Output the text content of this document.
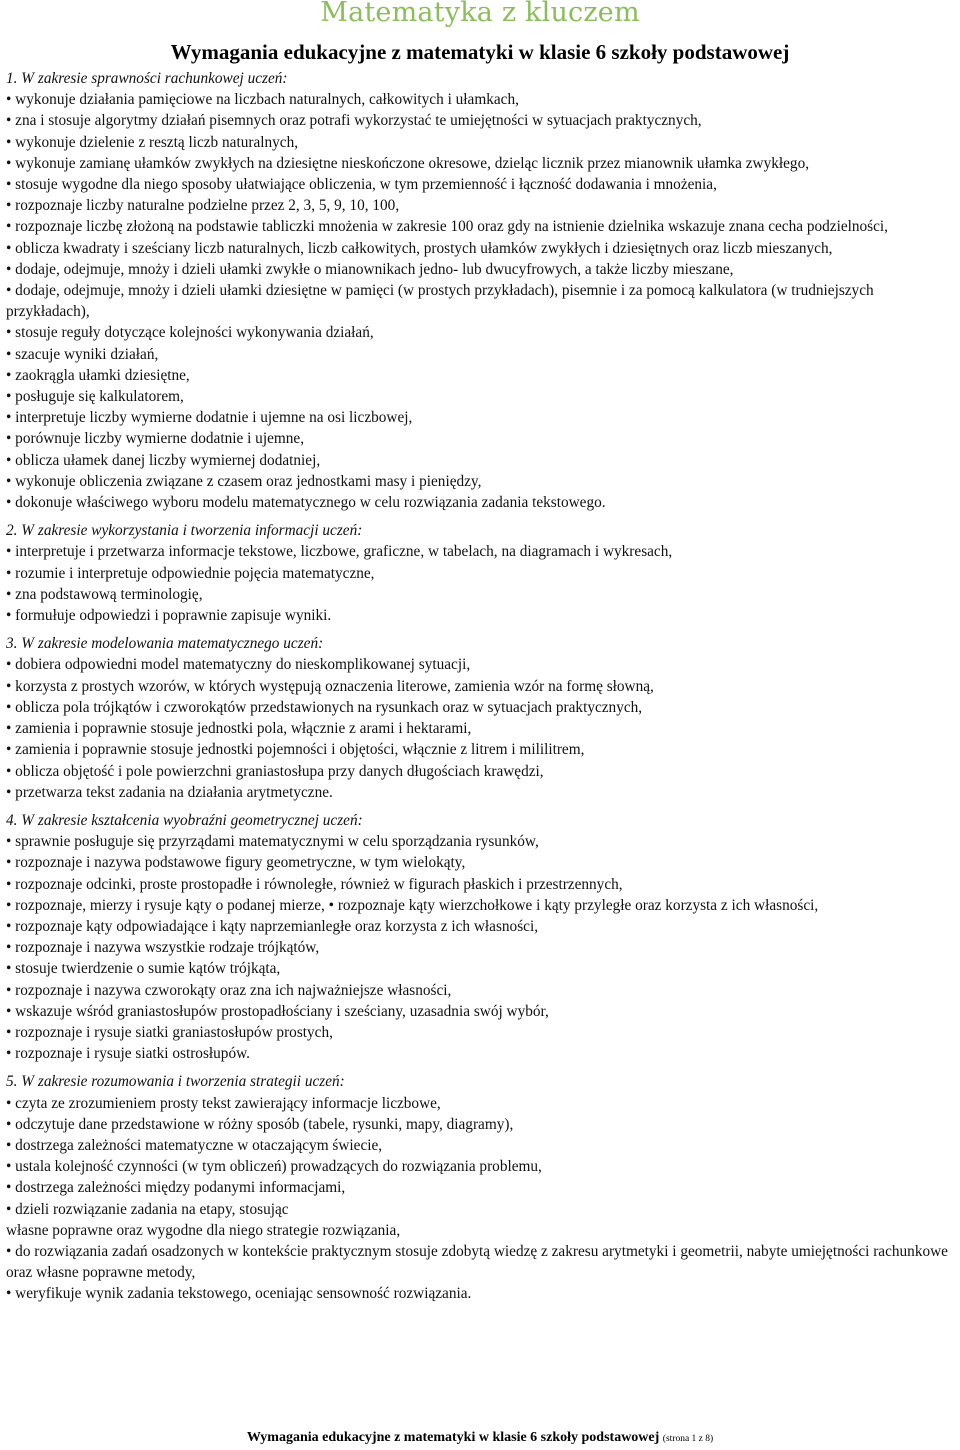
Matematyka z kluczem
Wymagania edukacyjne z matematyki w klasie 6 szkoły podstawowej
1. W zakresie sprawności rachunkowej uczeń:
• wykonuje działania pamięciowe na liczbach naturalnych, całkowitych i ułamkach,
• zna i stosuje algorytmy działań pisemnych oraz potrafi wykorzystać te umiejętności w sytuacjach praktycznych,
• wykonuje dzielenie z resztą liczb naturalnych,
• wykonuje zamianę ułamków zwykłych na dziesiętne nieskończone okresowe, dzieląc licznik przez mianownik ułamka zwykłego,
• stosuje wygodne dla niego sposoby ułatwiające obliczenia, w tym przemienność i łączność dodawania i mnożenia,
• rozpoznaje liczby naturalne podzielne przez 2, 3, 5, 9, 10, 100,
• rozpoznaje liczbę złożoną na podstawie tabliczki mnożenia w zakresie 100 oraz gdy na istnienie dzielnika wskazuje znana cecha podzielności,
• oblicza kwadraty i sześciany liczb naturalnych, liczb całkowitych, prostych ułamków zwykłych i dziesiętnych oraz liczb mieszanych,
• dodaje, odejmuje, mnoży i dzieli ułamki zwykłe o mianownikach jedno- lub dwucyfrowych, a także liczby mieszane,
• dodaje, odejmuje, mnoży i dzieli ułamki dziesiętne w pamięci (w prostych przykładach), pisemnie i za pomocą kalkulatora (w trudniejszych przykładach),
• stosuje reguły dotyczące kolejności wykonywania działań,
• szacuje wyniki działań,
• zaokrągla ułamki dziesiętne,
• posługuje się kalkulatorem,
• interpretuje liczby wymierne dodatnie i ujemne na osi liczbowej,
• porównuje liczby wymierne dodatnie i ujemne,
• oblicza ułamek danej liczby wymiernej dodatniej,
• wykonuje obliczenia związane z czasem oraz jednostkami masy i pieniędzy,
• dokonuje właściwego wyboru modelu matematycznego w celu rozwiązania zadania tekstowego.
2. W zakresie wykorzystania i tworzenia informacji uczeń:
• interpretuje i przetwarza informacje tekstowe, liczbowe, graficzne, w tabelach, na diagramach i wykresach,
• rozumie i interpretuje odpowiednie pojęcia matematyczne,
• zna podstawową terminologię,
• formułuje odpowiedzi i poprawnie zapisuje wyniki.
3. W zakresie modelowania matematycznego uczeń:
• dobiera odpowiedni model matematyczny do nieskomplikowanej sytuacji,
• korzysta z prostych wzorów, w których występują oznaczenia literowe, zamienia wzór na formę słowną,
• oblicza pola trójkątów i czworokątów przedstawionych na rysunkach oraz w sytuacjach praktycznych,
• zamienia i poprawnie stosuje jednostki pola, włącznie z arami i hektarami,
• zamienia i poprawnie stosuje jednostki pojemności i objętości, włącznie z litrem i mililitrem,
• oblicza objętość i pole powierzchni graniastosłupa przy danych długościach krawędzi,
• przetwarza tekst zadania na działania arytmetyczne.
4. W zakresie kształcenia wyobraźni geometrycznej uczeń:
• sprawnie posługuje się przyrządami matematycznymi w celu sporządzania rysunków,
• rozpoznaje i nazywa podstawowe figury geometryczne, w tym wielokąty,
• rozpoznaje odcinki, proste prostopadłe i równoległe, również w figurach płaskich i przestrzennych,
• rozpoznaje, mierzy i rysuje kąty o podanej mierze, • rozpoznaje kąty wierzchołkowe i kąty przyległe oraz korzysta z ich własności,
• rozpoznaje kąty odpowiadające i kąty naprzemianległe oraz korzysta z ich własności,
• rozpoznaje i nazywa wszystkie rodzaje trójkątów,
• stosuje twierdzenie o sumie kątów trójkąta,
• rozpoznaje i nazywa czworokąty oraz zna ich najważniejsze własności,
• wskazuje wśród graniastosłupów prostopadłościany i sześciany, uzasadnia swój wybór,
• rozpoznaje i rysuje siatki graniastosłupów prostych,
• rozpoznaje i rysuje siatki ostrosłupów.
5. W zakresie rozumowania i tworzenia strategii uczeń:
• czyta ze zrozumieniem prosty tekst zawierający informacje liczbowe,
• odczytuje dane przedstawione w różny sposób (tabele, rysunki, mapy, diagramy),
• dostrzega zależności matematyczne w otaczającym świecie,
• ustala kolejność czynności (w tym obliczeń) prowadzących do rozwiązania problemu,
• dostrzega zależności między podanymi informacjami,
• dzieli rozwiązanie zadania na etapy, stosując
własne poprawne oraz wygodne dla niego strategie rozwiązania,
• do rozwiązania zadań osadzonych w kontekście praktycznym stosuje zdobytą wiedzę z zakresu arytmetyki i geometrii, nabyte umiejętności rachunkowe oraz własne poprawne metody,
• weryfikuje wynik zadania tekstowego, oceniając sensowność rozwiązania.
Wymagania edukacyjne z matematyki w klasie 6 szkoły podstawowej (strona 1 z 8)
